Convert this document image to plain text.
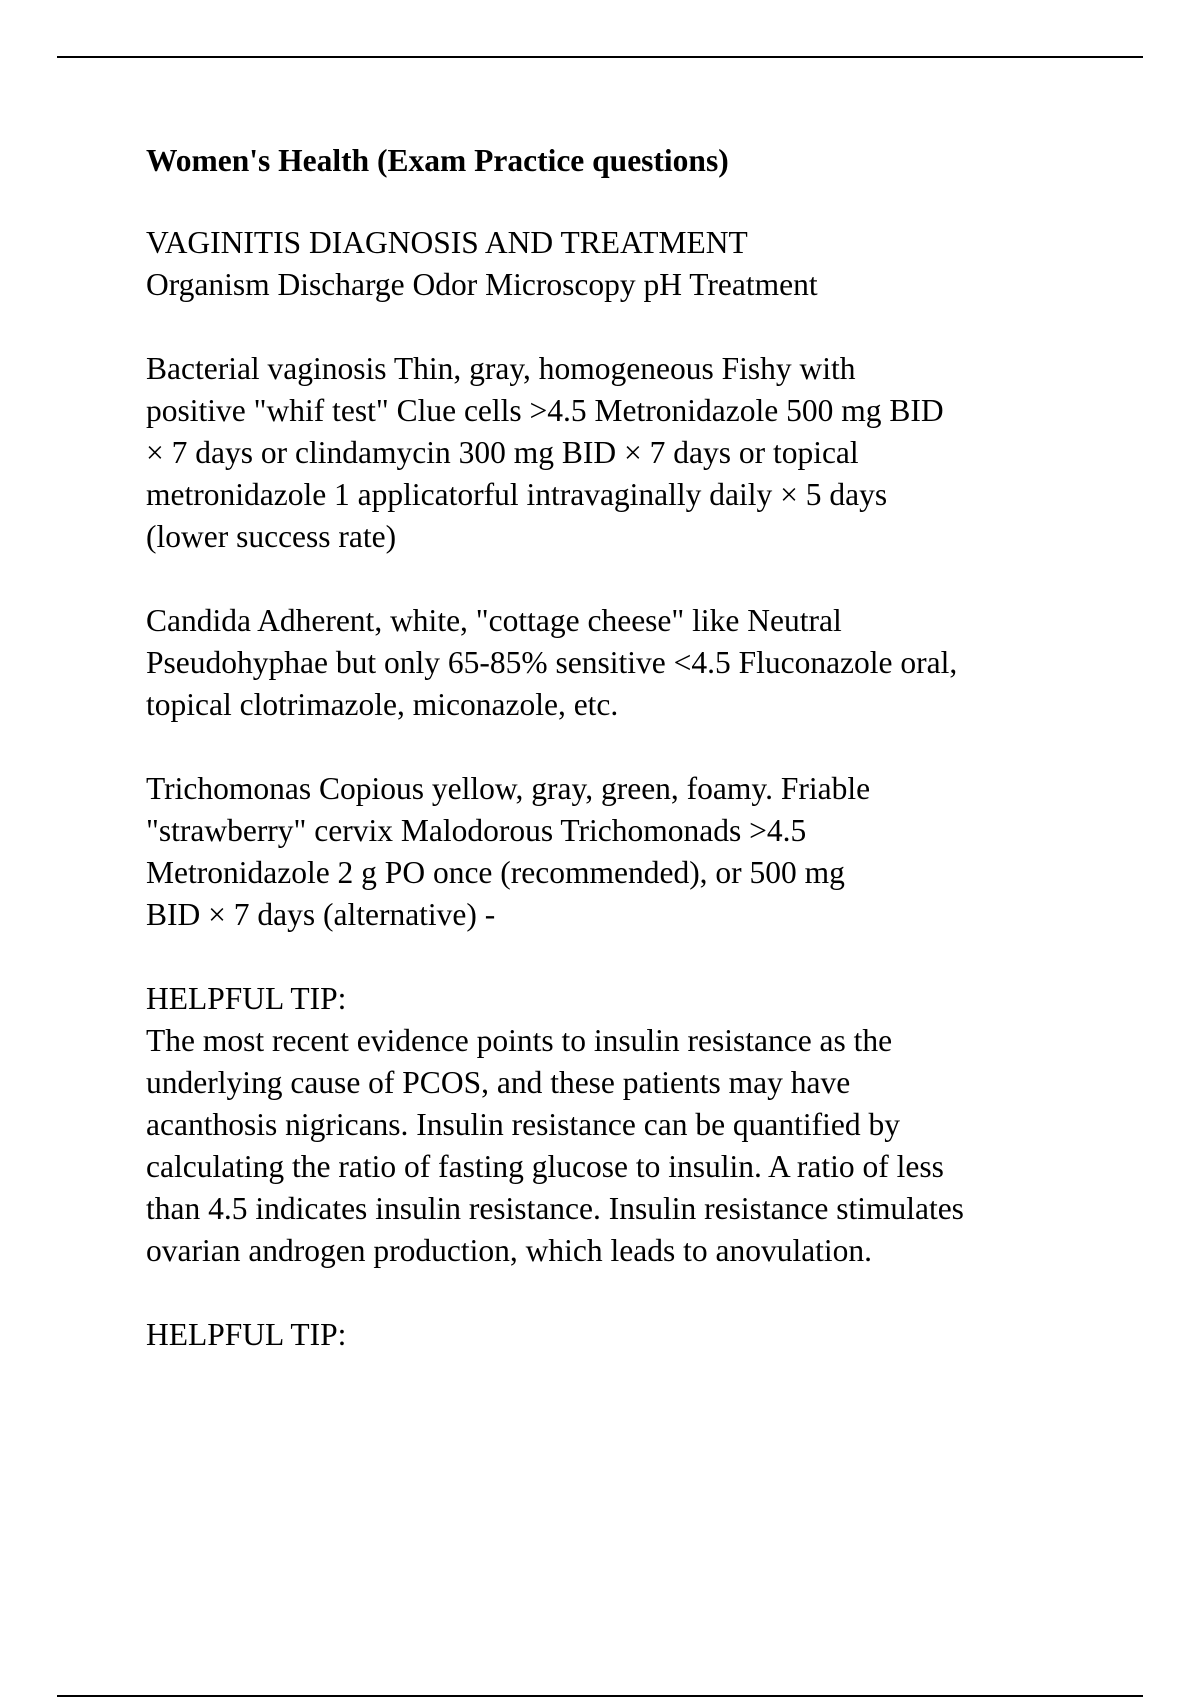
Women's Health (Exam Practice questions)
VAGINITIS DIAGNOSIS AND TREATMENT
Organism Discharge Odor Microscopy pH Treatment
Bacterial vaginosis Thin, gray, homogeneous Fishy with
positive "whif test" Clue cells >4.5 Metronidazole 500 mg BID
× 7 days or clindamycin 300 mg BID × 7 days or topical
metronidazole 1 applicatorful intravaginally daily × 5 days
(lower success rate)
Candida Adherent, white, "cottage cheese" like Neutral
Pseudohyphae but only 65-85% sensitive <4.5 Fluconazole oral,
topical clotrimazole, miconazole, etc.
Trichomonas Copious yellow, gray, green, foamy. Friable
"strawberry" cervix Malodorous Trichomonads >4.5
Metronidazole 2 g PO once (recommended), or 500 mg
BID × 7 days (alternative) -
HELPFUL TIP:
The most recent evidence points to insulin resistance as the
underlying cause of PCOS, and these patients may have
acanthosis nigricans. Insulin resistance can be quantified by
calculating the ratio of fasting glucose to insulin. A ratio of less
than 4.5 indicates insulin resistance. Insulin resistance stimulates
ovarian androgen production, which leads to anovulation.
HELPFUL TIP:
